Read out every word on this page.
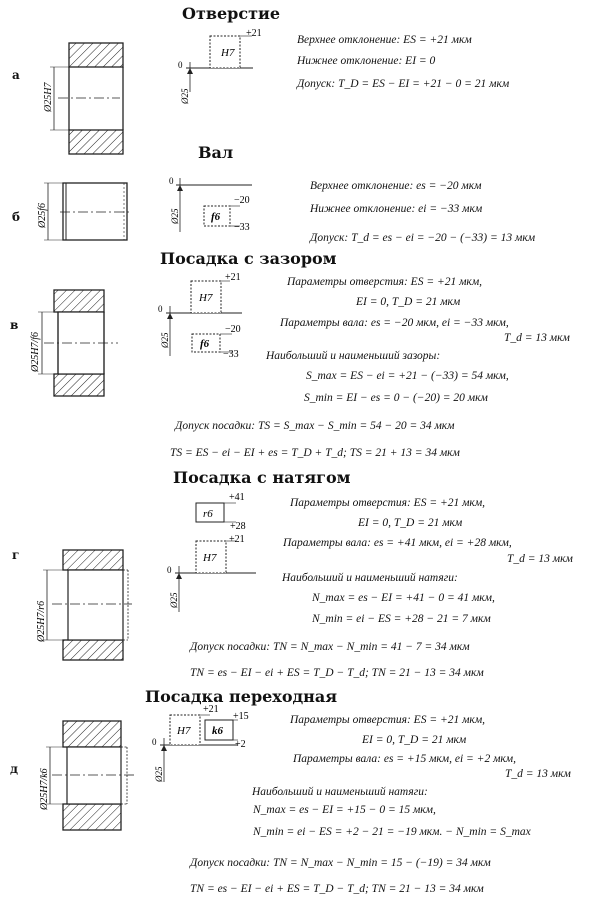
Ø25H7
H7
0
+21
Ø25
Ø25f6	f6
0
−20
−33
Ø25
Ø25H7/f6
H7
f6
0
+21
−20
−33
Ø25
Ø25H7/r6
r6
H7
0
+41
+28
+21
Ø25
Ø25H7/k6
H7 k6
0
+21
+15
+2
Ø25
а
Отверстие
Верхнее отклонение: ES = +21 мкм
Нижнее отклонение: EI = 0
Допуск: T_D = ES − EI = +21 − 0 = 21 мкм
б
Вал
Верхнее отклонение: es = −20 мкм
Нижнее отклонение: ei = −33 мкм
Допуск: T_d = es − ei = −20 − (−33) = 13 мкм
в
Посадка с зазором
Параметры отверстия: ES = +21 мкм,
EI = 0, T_D = 21 мкм
Параметры вала: es = −20 мкм, ei = −33 мкм,
T_d = 13 мкм
Наибольший и наименьший зазоры:
S_max = ES − ei = +21 − (−33) = 54 мкм,
S_min = EI − es = 0 − (−20) = 20 мкм
Допуск посадки: TS = S_max − S_min = 54 − 20 = 34 мкм
TS = ES − ei − EI + es = T_D + T_d; TS = 21 + 13 = 34 мкм
г
Посадка с натягом
Параметры отверстия: ES = +21 мкм,
EI = 0, T_D = 21 мкм
Параметры вала: es = +41 мкм, ei = +28 мкм,
T_d = 13 мкм
Наибольший и наименьший натяги:
N_max = es − EI = +41 − 0 = 41 мкм,
N_min = ei − ES = +28 − 21 = 7 мкм
Допуск посадки: TN = N_max − N_min = 41 − 7 = 34 мкм
TN = es − EI − ei + ES = T_D − T_d; TN = 21 − 13 = 34 мкм
д
Посадка переходная
Параметры отверстия: ES = +21 мкм,
EI = 0, T_D = 21 мкм
Параметры вала: es = +15 мкм, ei = +2 мкм,
T_d = 13 мкм
Наибольший и наименьший натяги:
N_max = es − EI = +15 − 0 = 15 мкм,
N_min = ei − ES = +2 − 21 = −19 мкм. − N_min = S_max
Допуск посадки: TN = N_max − N_min = 15 − (−19) = 34 мкм
TN = es − EI − ei + ES = T_D − T_d; TN = 21 − 13 = 34 мкм
